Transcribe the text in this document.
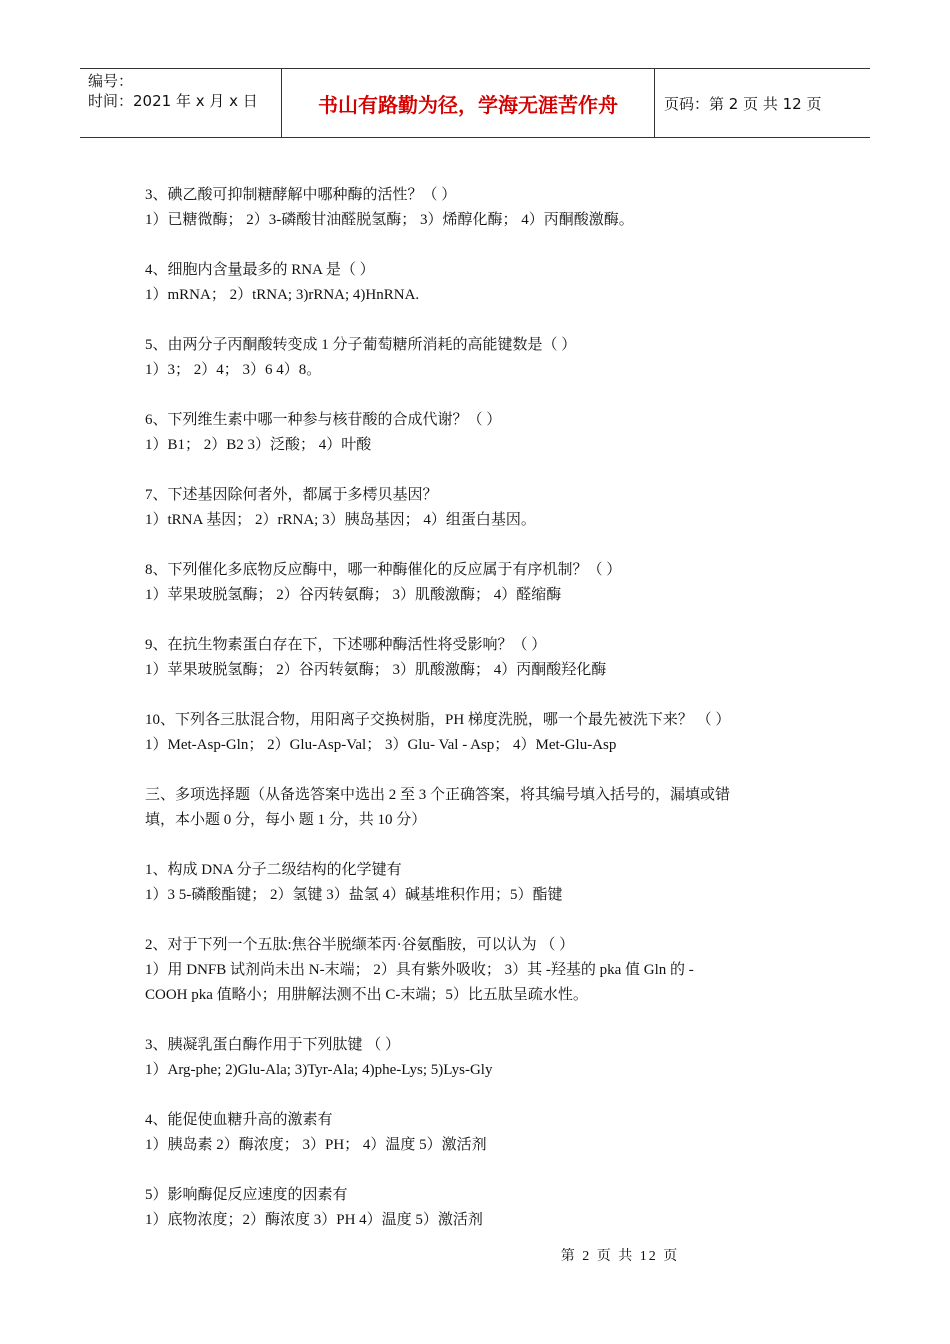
编号：
时间：2021 年 x 月 x 日	书山有路勤为径，学海无涯苦作舟	页码：第 2 页 共 12 页

3、碘乙酸可抑制糖酵解中哪种酶的活性？（ ）

1）已糖微酶； 2）3-磷酸甘油醛脱氢酶； 3）烯醇化酶； 4）丙酮酸激酶。

4、细胞内含量最多的 RNA 是（ ）

1）mRNA； 2）tRNA; 3)rRNA; 4)HnRNA.

5、由两分子丙酮酸转变成 1 分子葡萄糖所消耗的高能键数是（ ）

1）3； 2）4； 3）6 4）8。

6、下列维生素中哪一种参与核苷酸的合成代谢？（ ）

1）B1； 2）B2 3）泛酸； 4）叶酸

7、下述基因除何者外，都属于多樗贝基因？

1）tRNA 基因； 2）rRNA; 3）胰岛基因； 4）组蛋白基因。

8、下列催化多底物反应酶中，哪一种酶催化的反应属于有序机制？（ ）

1）苹果玻脱氢酶； 2）谷丙转氨酶； 3）肌酸激酶； 4）醛缩酶

9、在抗生物素蛋白存在下，下述哪种酶活性将受影响？（ ）

1）苹果玻脱氢酶； 2）谷丙转氨酶； 3）肌酸激酶； 4）丙酮酸羟化酶

10、下列各三肽混合物，用阳离子交换树脂，PH 梯度洗脱，哪一个最先被洗下来？ （ ）

1）Met-Asp-Gln； 2）Glu-Asp-Val； 3）Glu- Val - Asp； 4）Met-Glu-Asp

三、多项选择题（从备选答案中选出 2 至 3 个正确答案，将其编号填入括号的，漏填或错

填，本小题 0 分，每小 题 1 分，共 10 分）

1、构成 DNA 分子二级结构的化学键有

1）3 5-磷酸酯键； 2）氢键 3）盐氢 4）碱基堆积作用；5）酯键

2、对于下列一个五肽:焦谷半脱缬苯丙·谷氨酯胺，可以认为 （ ）

1）用 DNFB 试剂尚未出 N-末端； 2）具有紫外吸收； 3）其 -羟基的 pka 值 Gln 的 -

COOH pka 值略小；用肼解法测不出 C-末端；5）比五肽呈疏水性。

3、胰凝乳蛋白酶作用于下列肽键 （ ）

1）Arg-phe; 2)Glu-Ala; 3)Tyr-Ala; 4)phe-Lys; 5)Lys-Gly

4、能促使血糖升高的激素有

1）胰岛素 2）酶浓度； 3）PH； 4）温度 5）激活剂

5）影响酶促反应速度的因素有

1）底物浓度；2）酶浓度 3）PH 4）温度 5）激活剂

第 2 页 共 12 页
